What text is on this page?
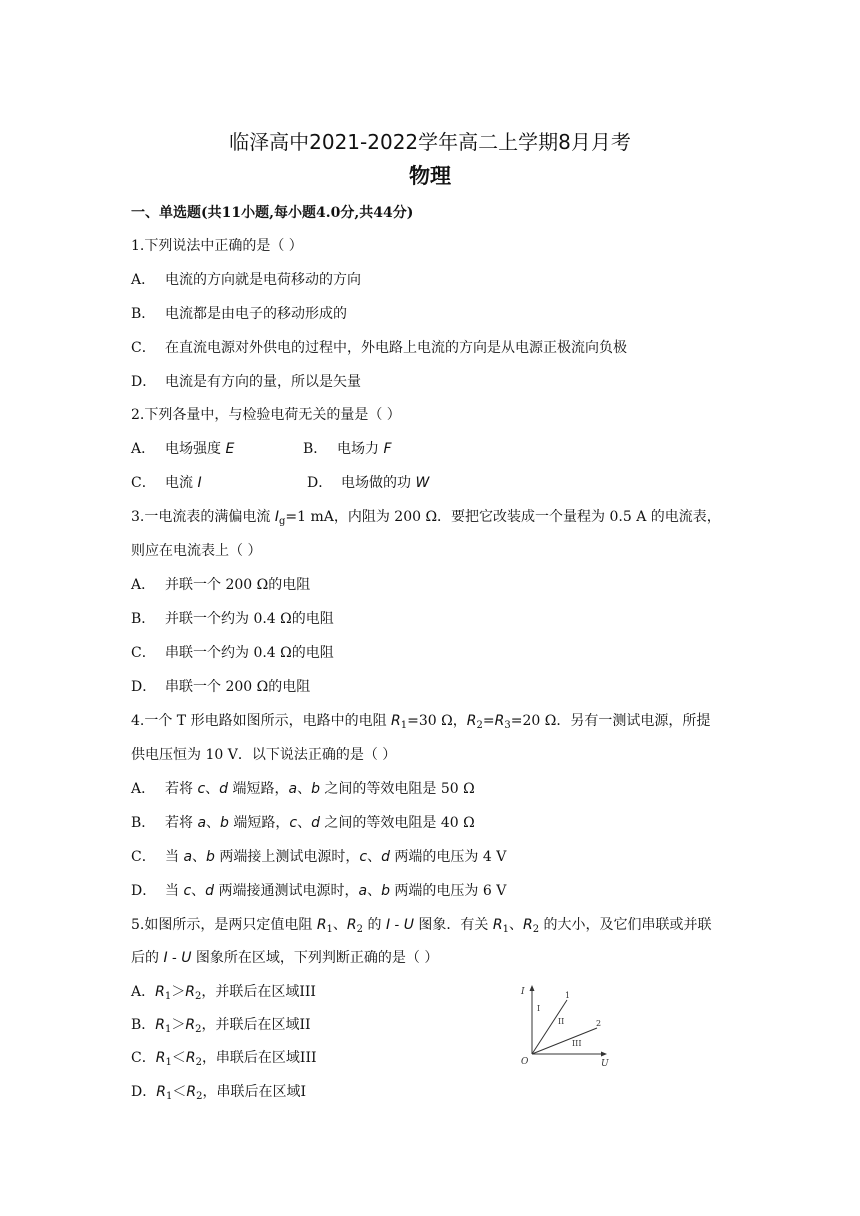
临泽高中2021-2022学年高二上学期8月月考
物理
一、单选题(共11小题,每小题4.0分,共44分)
1.下列说法中正确的是（ ）
A． 电流的方向就是电荷移动的方向
B． 电流都是由电子的移动形成的
C． 在直流电源对外供电的过程中，外电路上电流的方向是从电源正极流向负极
D． 电流是有方向的量，所以是矢量
2.下列各量中，与检验电荷无关的量是（ ）
A． 电场强度 E	B． 电场力 F
C． 电流 I	D． 电场做的功 W
3.一电流表的满偏电流 $I_g=1$ mA，内阻为 200 Ω．要把它改装成一个量程为 0.5 A 的电流表，
则应在电流表上（ ）
A． 并联一个 200 Ω的电阻
B． 并联一个约为 0.4 Ω的电阻
C． 串联一个约为 0.4 Ω的电阻
D． 串联一个 200 Ω的电阻
4.一个 T 形电路如图所示，电路中的电阻 $R_1=30$ Ω，$R_2=R_3=20$ Ω．另有一测试电源，所提
供电压恒为 10 V．以下说法正确的是（ ）
A． 若将 c、d 端短路，a、b 之间的等效电阻是 50 Ω
B． 若将 a、b 端短路，c、d 之间的等效电阻是 40 Ω
C． 当 a、b 两端接上测试电源时，c、d 两端的电压为 4 V
D． 当 c、d 两端接通测试电源时，a、b 两端的电压为 6 V
5.如图所示，是两只定值电阻 $R_1$、$R_2$ 的 I - U 图象．有关 $R_1$、$R_2$ 的大小，及它们串联或并联
后的 I - U 图象所在区域，下列判断正确的是（ ）
A．$R_1>R_2$，并联后在区域III
B．$R_1>R_2$，并联后在区域II
C．$R_1<R_2$，串联后在区域III
D．$R_1<R_2$，串联后在区域I
I
U
O
1
2
I
II
III
